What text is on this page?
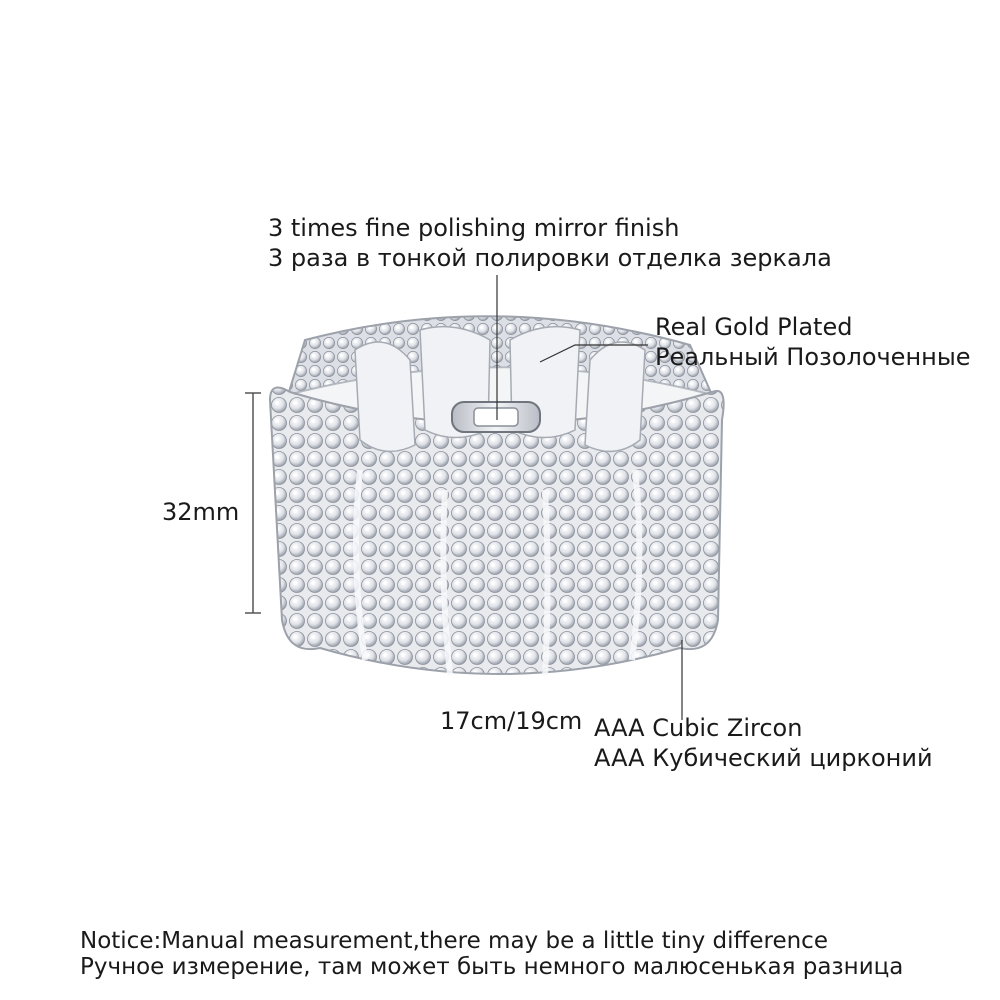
3 times fine polishing mirror finish
3 раза в тонкой полировки отделка зеркала
Real Gold Plated
Реальный Позолоченные
AAA Cubic Zircon
AAA Кубический цирконий
32mm
17cm/19cm
Notice:Manual measurement,there may be a little tiny difference
Ручное измерение, там может быть немного малюсенькая разница
